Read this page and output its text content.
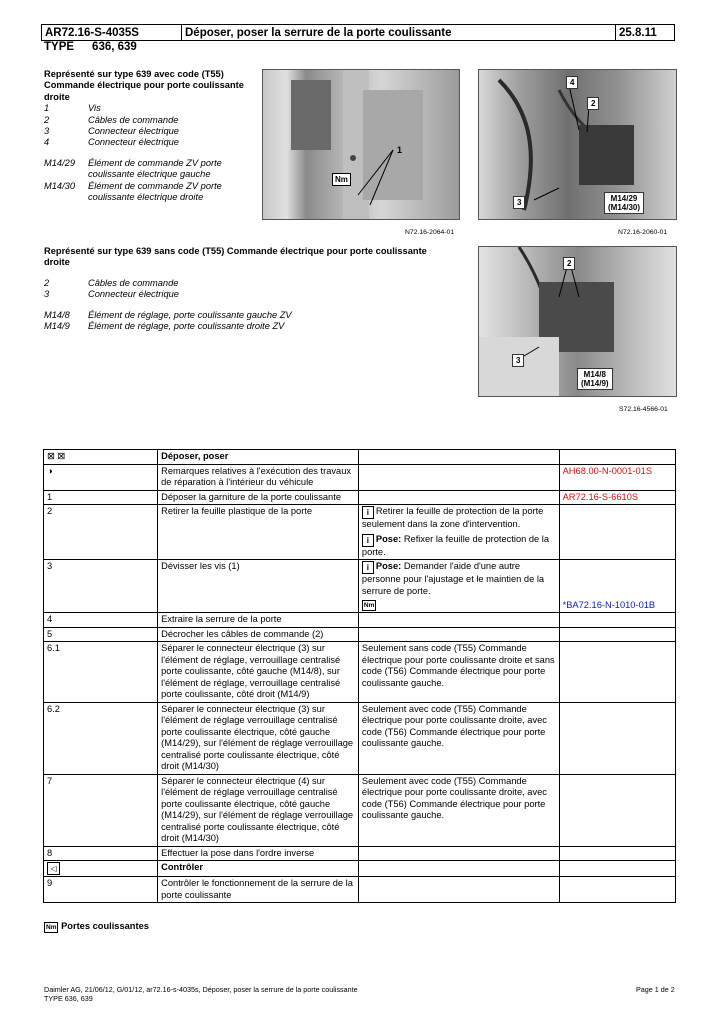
AR72.16-S-4035S	Déposer, poser la serrure de la porte coulissante	25.8.11
TYPE 636, 639
Représenté sur type 639 avec code (T55) Commande électrique pour porte coulissante droite
1	Vis
2	Câbles de commande
3	Connecteur électrique
4	Connecteur électrique
M14/29	Élément de commande ZV porte coulissante électrique gauche
M14/30	Élément de commande ZV porte coulissante électrique droite
1
Nm
N72.16-2064-01
4
2
3	M14/29
(M14/30)
N72.16-2060-01
Représenté sur type 639 sans code (T55) Commande électrique pour porte coulissante droite
2	Câbles de commande
3	Connecteur électrique
M14/8	Élément de réglage, porte coulissante gauche ZV
M14/9	Élément de réglage, porte coulissante droite ZV
2
3
M14/8
(M14/9)
S72.16-4566-01
⊠ ⊠	Déposer, poser		
◑	Remarques relatives à l'exécution des travaux de réparation à l'intérieur du véhicule		AH68.00-N-0001-01S
1	Déposer la garniture de la porte coulissante		AR72.16-S-6610S
2	Retirer la feuille plastique de la porte	i Retirer la feuille de protection de la porte seulement dans la zone d'intervention.
i Pose: Refixer la feuille de protection de la porte.	

3	Dévisser les vis (1)	i Pose: Demander l'aide d'une autre personne pour l'ajustage et le maintien de la serrure de porte.
Nm	*BA72.16-N-1010-01B
4	Extraire la serrure de la porte		
5	Décrocher les câbles de commande (2)		
6.1	Séparer le connecteur électrique (3) sur l'élément de réglage, verrouillage centralisé porte coulissante, côté gauche (M14/8), sur l'élément de réglage, verrouillage centralisé porte coulissante, côté droit (M14/9)	Seulement sans code (T55) Commande électrique pour porte coulissante droite et sans code (T56) Commande électrique pour porte coulissante gauche.	
6.2	Séparer le connecteur électrique (3) sur l'élément de réglage verrouillage centralisé porte coulissante électrique, côté gauche (M14/29), sur l'élément de réglage verrouillage centralisé porte coulissante électrique, côté droit (M14/30)	Seulement avec code (T55) Commande électrique pour porte coulissante droite, avec code (T56) Commande électrique pour porte coulissante gauche.	
7	Séparer le connecteur électrique (4) sur l'élément de réglage verrouillage centralisé porte coulissante électrique, côté gauche (M14/29), sur l'élément de réglage verrouillage centralisé porte coulissante électrique, côté droit (M14/30)	Seulement avec code (T55) Commande électrique pour porte coulissante droite, avec code (T56) Commande électrique pour porte coulissante gauche.	
8	Effectuer la pose dans l'ordre inverse		
◁	Contrôler		
9	Contrôler le fonctionnement de la serrure de la porte coulissante		
Nm Portes coulissantes
Daimler AG, 21/06/12, G/01/12, ar72.16-s-4035s, Déposer, poser la serrure de la porte coulissante
TYPE 636, 639
Page 1 de 2
